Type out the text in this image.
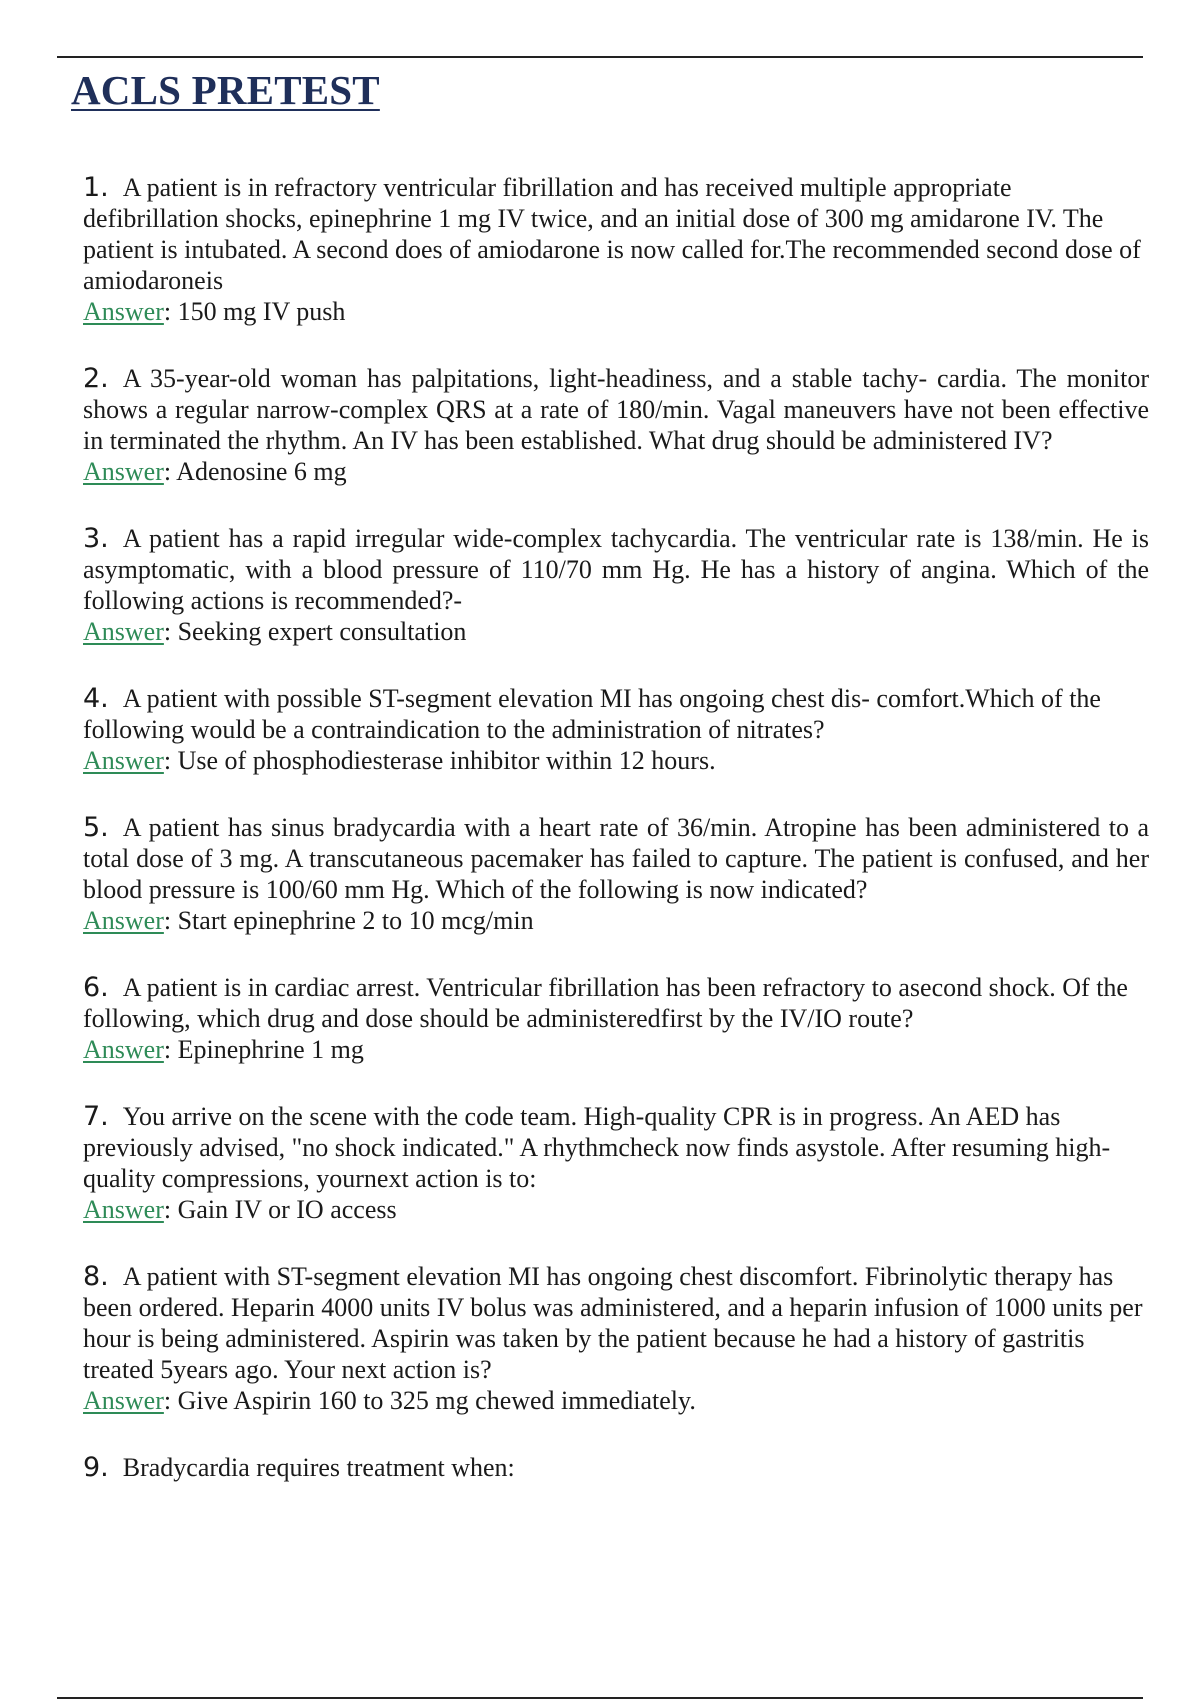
ACLS PRETEST

1. A patient is in refractory ventricular fibrillation and has received multiple appropriate defibrillation shocks, epinephrine 1 mg IV twice, and an initial dose of 300 mg amidarone IV. The patient is intubated. A second does of amiodarone is now called for.The recommended second dose of amiodaroneis

Answer: 150 mg IV push

2. A 35-year-old woman has palpitations, light-headiness, and a stable tachy- cardia. The monitor shows a regular narrow-complex QRS at a rate of 180/min. Vagal maneuvers have not been effective in terminated the rhythm. An IV has been established. What drug should be administered IV?

Answer: Adenosine 6 mg

3. A patient has a rapid irregular wide-complex tachycardia. The ventricular rate is 138/min. He is asymptomatic, with a blood pressure of 110/70 mm Hg. He has a history of angina. Which of the following actions is recommended?-

Answer: Seeking expert consultation

4. A patient with possible ST-segment elevation MI has ongoing chest dis- comfort.Which of the following would be a contraindication to the administration of nitrates?

Answer: Use of phosphodiesterase inhibitor within 12 hours.

5. A patient has sinus bradycardia with a heart rate of 36/min. Atropine has been administered to a total dose of 3 mg. A transcutaneous pacemaker has failed to capture. The patient is confused, and her blood pressure is 100/60 mm Hg. Which of the following is now indicated?

Answer: Start epinephrine 2 to 10 mcg/min

6. A patient is in cardiac arrest. Ventricular fibrillation has been refractory to asecond shock. Of the following, which drug and dose should be administeredfirst by the IV/IO route?

Answer: Epinephrine 1 mg

7. You arrive on the scene with the code team. High-quality CPR is in progress. An AED has previously advised, "no shock indicated." A rhythmcheck now finds asystole. After resuming high-quality compressions, yournext action is to:

Answer: Gain IV or IO access

8. A patient with ST-segment elevation MI has ongoing chest discomfort. Fibrinolytic therapy has been ordered. Heparin 4000 units IV bolus was administered, and a heparin infusion of 1000 units per hour is being administered. Aspirin was taken by the patient because he had a history of gastritis treated 5years ago. Your next action is?

Answer: Give Aspirin 160 to 325 mg chewed immediately.

9. Bradycardia requires treatment when:
